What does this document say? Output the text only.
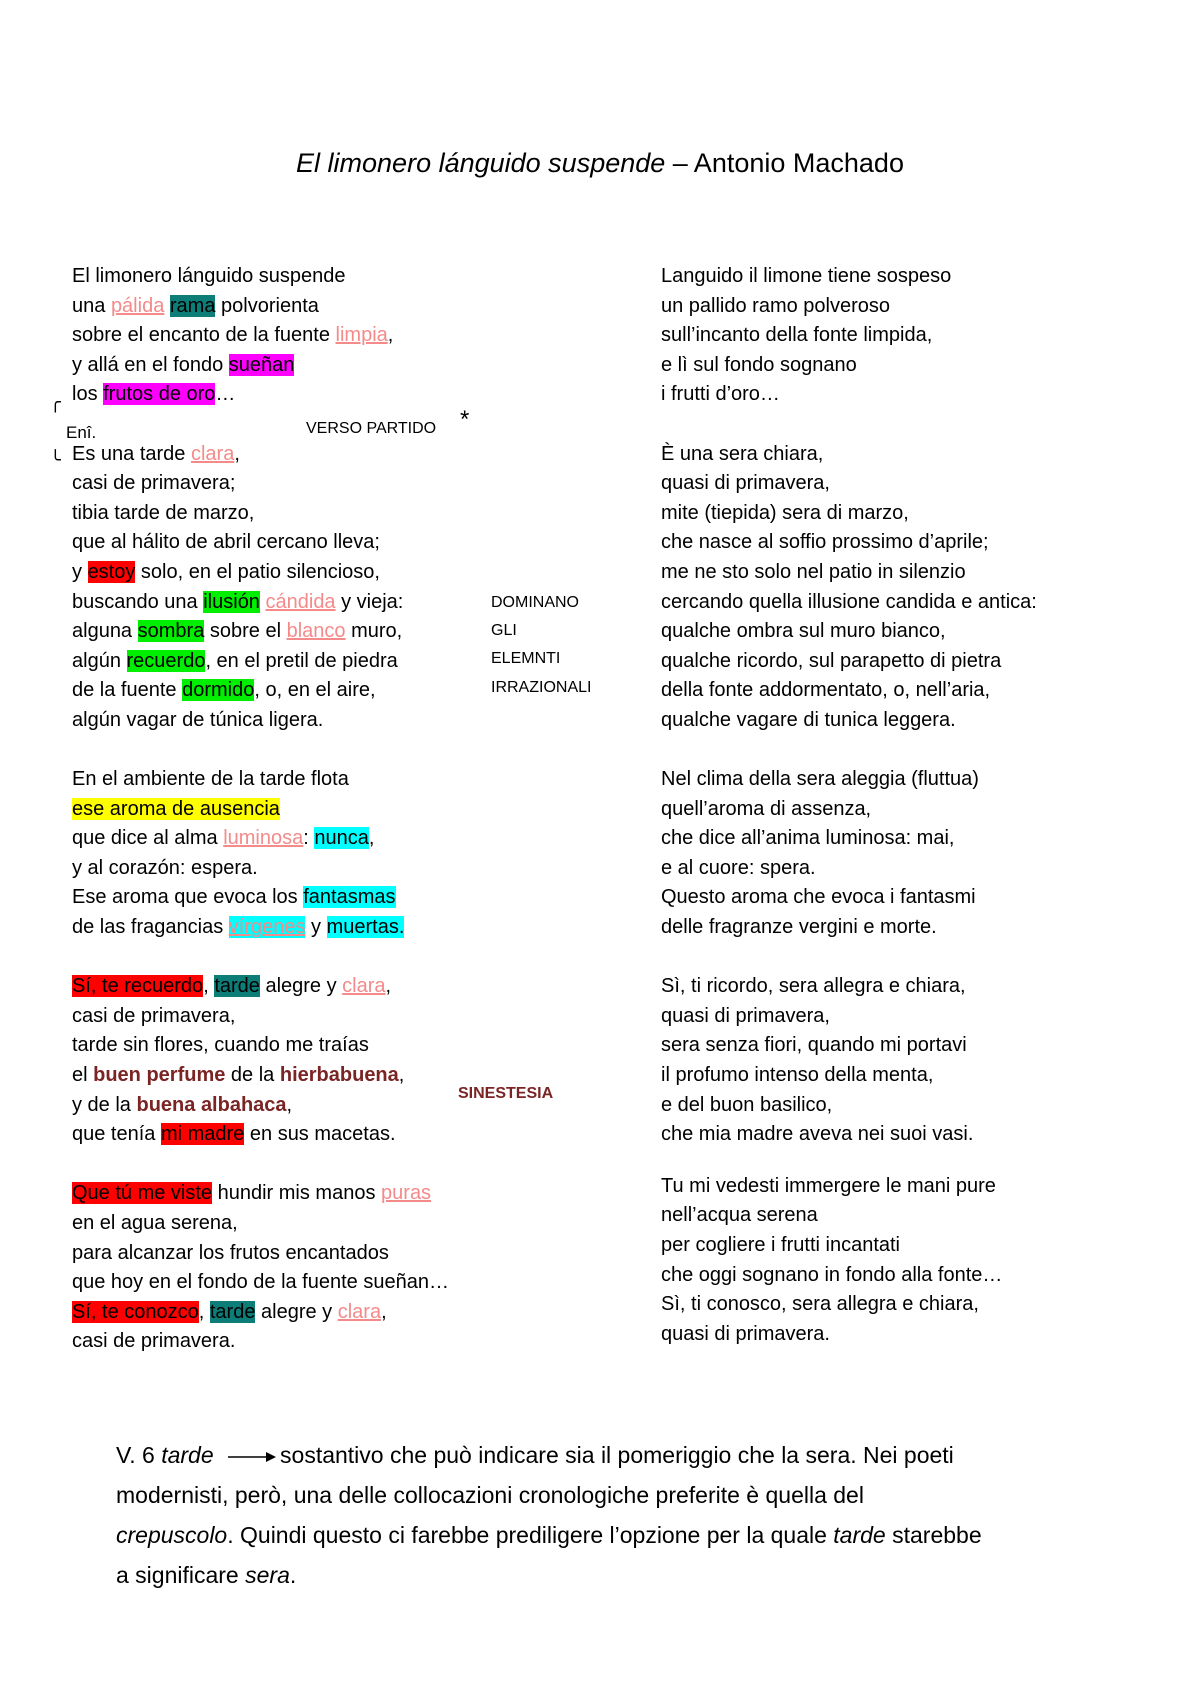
El limonero lánguido suspende – Antonio Machado
╭
╰
Enî.	VERSO PARTIDO *
DOMINANO
GLI
ELEMNTI
IRRAZIONALI
SINESTESIA
El limonero lánguido suspende
una pálida rama polvorienta
sobre el encanto de la fuente limpia,
y allá en el fondo sueñan
los frutos de oro…
Es una tarde clara,
casi de primavera;
tibia tarde de marzo,
que al hálito de abril cercano lleva;
y estoy solo, en el patio silencioso,
buscando una ilusión cándida y vieja:
alguna sombra sobre el blanco muro,
algún recuerdo, en el pretil de piedra
de la fuente dormido, o, en el aire,
algún vagar de túnica ligera.
En el ambiente de la tarde flota
ese aroma de ausencia
que dice al alma luminosa: nunca,
y al corazón: espera.
Ese aroma que evoca los fantasmas
de las fragancias vírgenes y muertas.
Sí, te recuerdo, tarde alegre y clara,
casi de primavera,
tarde sin flores, cuando me traías
el buen perfume de la hierbabuena,
y de la buena albahaca,
que tenía mi madre en sus macetas.
Que tú me viste hundir mis manos puras
en el agua serena,
para alcanzar los frutos encantados
que hoy en el fondo de la fuente sueñan…
Sí, te conozco, tarde alegre y clara,
casi de primavera.
Languido il limone tiene sospeso
un pallido ramo polveroso
sull’incanto della fonte limpida,
e lì sul fondo sognano
i frutti d’oro…
È una sera chiara,
quasi di primavera,
mite (tiepida) sera di marzo,
che nasce al soffio prossimo d’aprile;
me ne sto solo nel patio in silenzio
cercando quella illusione candida e antica:
qualche ombra sul muro bianco,
qualche ricordo, sul parapetto di pietra
della fonte addormentato, o, nell’aria,
qualche vagare di tunica leggera.
Nel clima della sera aleggia (fluttua)
quell’aroma di assenza,
che dice all’anima luminosa: mai,
e al cuore: spera.
Questo aroma che evoca i fantasmi
delle fragranze vergini e morte.
Sì, ti ricordo, sera allegra e chiara,
quasi di primavera,
sera senza fiori, quando mi portavi
il profumo intenso della menta,
e del buon basilico,
che mia madre aveva nei suoi vasi.
Tu mi vedesti immergere le mani pure
nell’acqua serena
per cogliere i frutti incantati
che oggi sognano in fondo alla fonte…
Sì, ti conosco, sera allegra e chiara,
quasi di primavera.
V. 6 tarde	sostantivo che può indicare sia il pomeriggio che la sera. Nei poeti
modernisti, però, una delle collocazioni cronologiche preferite è quella del
crepuscolo. Quindi questo ci farebbe prediligere l’opzione per la quale tarde starebbe
a significare sera.
